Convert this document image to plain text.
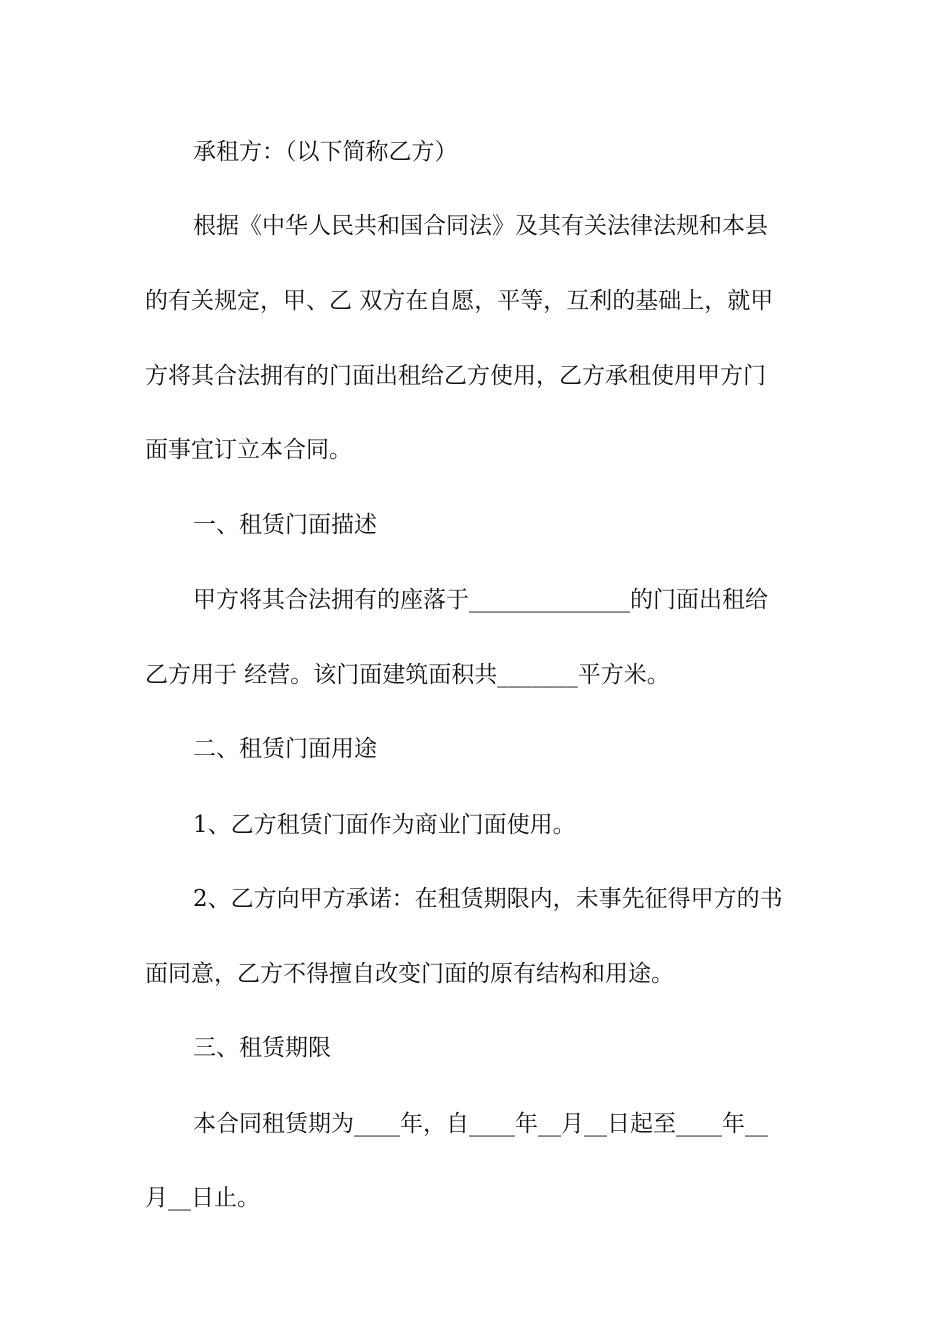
承租方：（以下简称乙方）
根据《中华人民共和国合同法》及其有关法律法规和本县
的有关规定，甲、乙 双方在自愿，平等，互利的基础上，就甲
方将其合法拥有的门面出租给乙方使用，乙方承租使用甲方门
面事宜订立本合同。
一、租赁门面描述
甲方将其合法拥有的座落于______________的门面出租给
乙方用于 经营。该门面建筑面积共_______平方米。
二、租赁门面用途
1、乙方租赁门面作为商业门面使用。
2、乙方向甲方承诺：在租赁期限内，未事先征得甲方的书
面同意，乙方不得擅自改变门面的原有结构和用途。
三、租赁期限
本合同租赁期为____年，自____年__月__日起至____年__
月__日止。
